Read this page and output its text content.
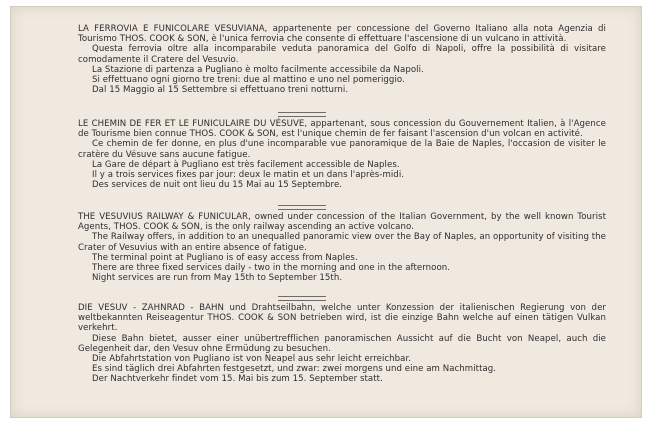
LA FERROVIA E FUNICOLARE VESUVIANA, appartenente per concessione del Governo Italiano alla nota Agenzia di Tourismo THOS. COOK & SON, è l'unica ferrovia che consente di effettuare l'ascensione di un vulcano in attività.

Questa ferrovia oltre alla incomparabile veduta panoramica del Golfo di Napoli, offre la possibilità di visitare comodamente il Cratere del Vesuvio.

La Stazione di partenza a Pugliano è molto facilmente accessibile da Napoli.

Si effettuano ogni giorno tre treni: due al mattino e uno nel pomeriggio.

Dal 15 Maggio al 15 Settembre si effettuano treni notturni.

LE CHEMIN DE FER ET LE FUNICULAIRE DU VÉSUVE, appartenant, sous concession du Gouvernement Italien, à l'Agence de Tourisme bien connue THOS. COOK & SON, est l'unique chemin de fer faisant l'ascension d'un volcan en activité.

Ce chemin de fer donne, en plus d'une incomparable vue panoramique de la Baie de Naples, l'occasion de visiter le cratère du Vésuve sans aucune fatigue.

La Gare de départ à Pugliano est très facilement accessible de Naples.

Il y a trois services fixes par jour: deux le matin et un dans l'après-midi.

Des services de nuit ont lieu du 15 Mai au 15 Septembre.

THE VESUVIUS RAILWAY & FUNICULAR, owned under concession of the Italian Government, by the well known Tourist Agents, THOS. COOK & SON, is the only railway ascending an active volcano.

The Railway offers, in addition to an unequalled panoramic view over the Bay of Naples, an opportunity of visiting the Crater of Vesuvius with an entire absence of fatigue.

The terminal point at Pugliano is of easy access from Naples.

There are three fixed services daily - two in the morning and one in the afternoon.

Night services are run from May 15th to September 15th.

DIE VESUV - ZAHNRAD - BAHN und Drahtseilbahn, welche unter Konzession der italienischen Regierung von der weltbekannten Reiseagentur THOS. COOK & SON betrieben wird, ist die einzige Bahn welche auf einen tätigen Vulkan verkehrt.

Diese Bahn bietet, ausser einer unübertrefflichen panoramischen Aussicht auf die Bucht von Neapel, auch die Gelegenheit dar, den Vesuv ohne Ermüdung zu besuchen.

Die Abfahrtstation von Pugliano ist von Neapel aus sehr leicht erreichbar.

Es sind täglich drei Abfahrten festgesetzt, und zwar: zwei morgens und eine am Nachmittag.

Der Nachtverkehr findet vom 15. Mai bis zum 15. September statt.
